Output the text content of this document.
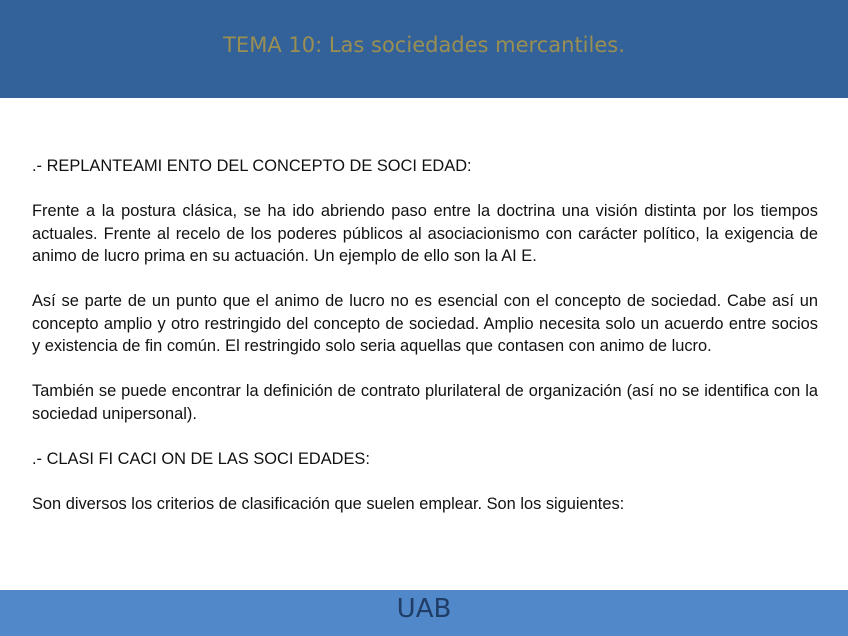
TEMA 10: Las sociedades mercantiles.

.- REPLANTEAMI ENTO DEL CONCEPTO DE SOCI EDAD:

Frente a la postura clásica, se ha ido abriendo paso entre la doctrina una visión distinta por los tiempos actuales. Frente al recelo de los poderes públicos al asociacionismo con carácter político, la exigencia de animo de lucro prima en su actuación. Un ejemplo de ello son la AI E.

Así se parte de un punto que el animo de lucro no es esencial con el concepto de sociedad. Cabe así un concepto amplio y otro restringido del concepto de sociedad. Amplio necesita solo un acuerdo entre socios y existencia de fin común. El restringido solo seria aquellas que contasen con animo de lucro.

También se puede encontrar la definición de contrato plurilateral de organización (así no se identifica con la sociedad unipersonal).

.- CLASI FI CACI ON DE LAS SOCI EDADES:

Son diversos los criterios de clasificación que suelen emplear. Son los siguientes:

UAB
